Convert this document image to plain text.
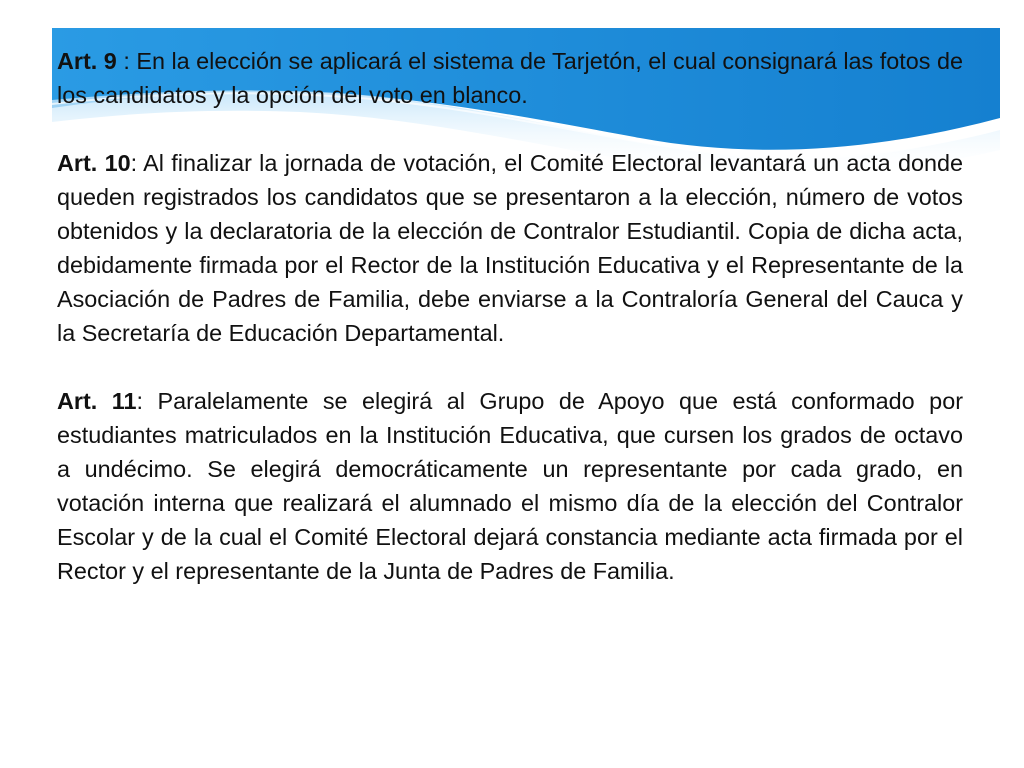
Art. 9 : En la elección se aplicará el sistema de Tarjetón, el cual consignará las fotos de los candidatos y la opción del voto en blanco.

Art. 10: Al finalizar la jornada de votación, el Comité Electoral levantará un acta donde queden registrados los candidatos que se presentaron a la elección, número de votos obtenidos y la declaratoria de la elección de Contralor Estudiantil. Copia de dicha acta, debidamente firmada por el Rector de la Institución Educativa y el Representante de la Asociación de Padres de Familia, debe enviarse a la Contraloría General del Cauca y la Secretaría de Educación Departamental.

Art. 11: Paralelamente se elegirá al Grupo de Apoyo que está conformado por estudiantes matriculados en la Institución Educativa, que cursen los grados de octavo a undécimo. Se elegirá democráticamente un representante por cada grado, en votación interna que realizará el alumnado el mismo día de la elección del Contralor Escolar y de la cual el Comité Electoral dejará constancia mediante acta firmada por el Rector y el representante de la Junta de Padres de Familia.
